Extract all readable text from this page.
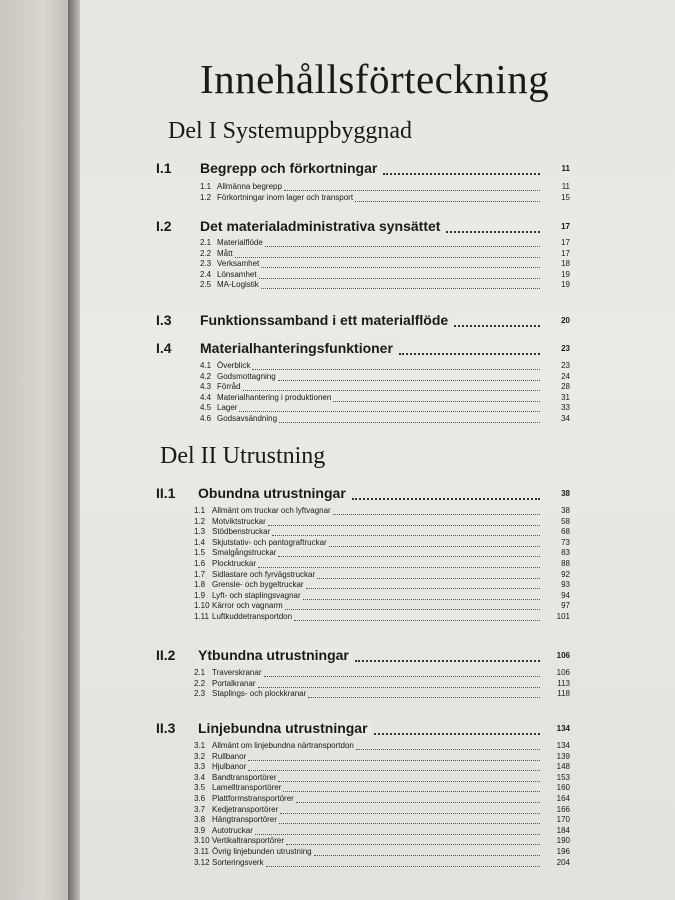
Innehållsförteckning
Del I Systemuppbyggnad
I.1 Begrepp och förkortningar	11
1.1 Allmänna begrepp	11
1.2 Förkortningar inom lager och transport	15
I.2 Det materialadministrativa synsättet	17
2.1 Materialflöde	17
2.2 Mått	17
2.3 Verksamhet	18
2.4 Lönsamhet	19
2.5 MA-Logistik	19
I.3 Funktionssamband i ett materialflöde	20
I.4 Materialhanteringsfunktioner	23
4.1 Överblick	23
4.2 Godsmottagning	24
4.3 Förråd	28
4.4 Materialhantering i produktionen	31
4.5 Lager	33
4.6 Godsavsändning	34
Del II Utrustning
II.1 Obundna utrustningar	38
1.1 Allmänt om truckar och lyftvagnar	38
1.2 Motviktstruckar	58
1.3 Stödbenstruckar	68
1.4 Skjutstativ- och pantograftruckar	73
1.5 Smalgångstruckar	83
1.6 Plocktruckar	88
1.7 Sidlastare och fyrvägstruckar	92
1.8 Grensle- och bygeltruckar	93
1.9 Lyft- och staplingsvagnar	94
1.10 Kärror och vagnarm	97
1.11 Luftkuddetransportdon	101
II.2 Ytbundna utrustningar	106
2.1 Traverskranar	106
2.2 Portalkranar	113
2.3 Staplings- och plockkranar	118
II.3 Linjebundna utrustningar	134
3.1 Allmänt om linjebundna närtransportdon	134
3.2 Rullbanor	139
3.3 Hjulbanor	148
3.4 Bandtransportörer	153
3.5 Lamelltransportörer	160
3.6 Plattformstransportörer	164
3.7 Kedjetransportörer	166
3.8 Hängtransportörer	170
3.9 Autotruckar	184
3.10 Vertikaltransportörer	190
3.11 Övrig linjebunden utrustning	196
3.12 Sorteringsverk	204
